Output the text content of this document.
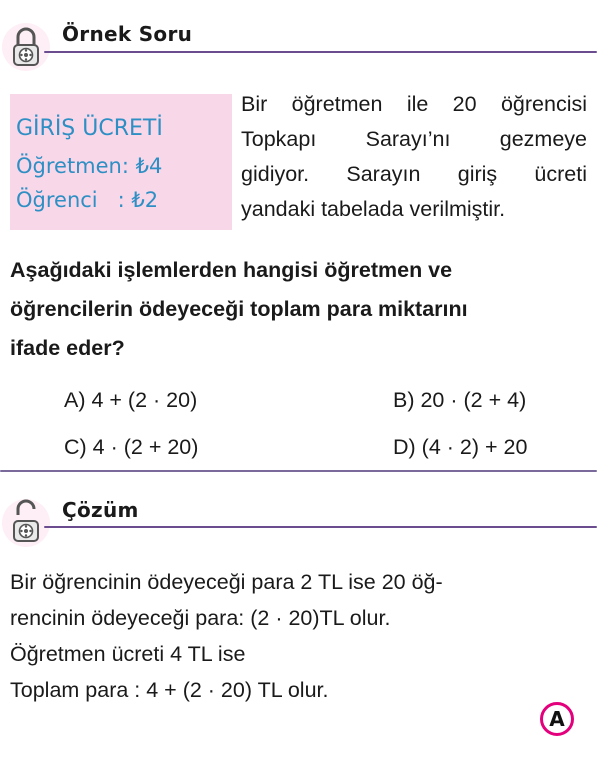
Örnek Soru
GİRİŞ ÜCRETİ
Öğretmen: ₺4
Öğrenci   : ₺2
Bir öğretmen ile 20 öğrencisi
Topkapı Sarayı’nı gezmeye
gidiyor. Sarayın giriş ücreti
yandaki tabelada verilmiştir.
Aşağıdaki işlemlerden hangisi öğretmen ve
öğrencilerin ödeyeceği toplam para miktarını
ifade eder?
A) 4 + (2 · 20)	B) 20 · (2 + 4)
C) 4 · (2 + 20)	D) (4 · 2) + 20
Çözüm
Bir öğrencinin ödeyeceği para 2 TL ise 20 öğ-
rencinin ödeyeceği para: (2 · 20)TL olur.
Öğretmen ücreti 4 TL ise
Toplam para : 4 + (2 · 20) TL olur.
A
